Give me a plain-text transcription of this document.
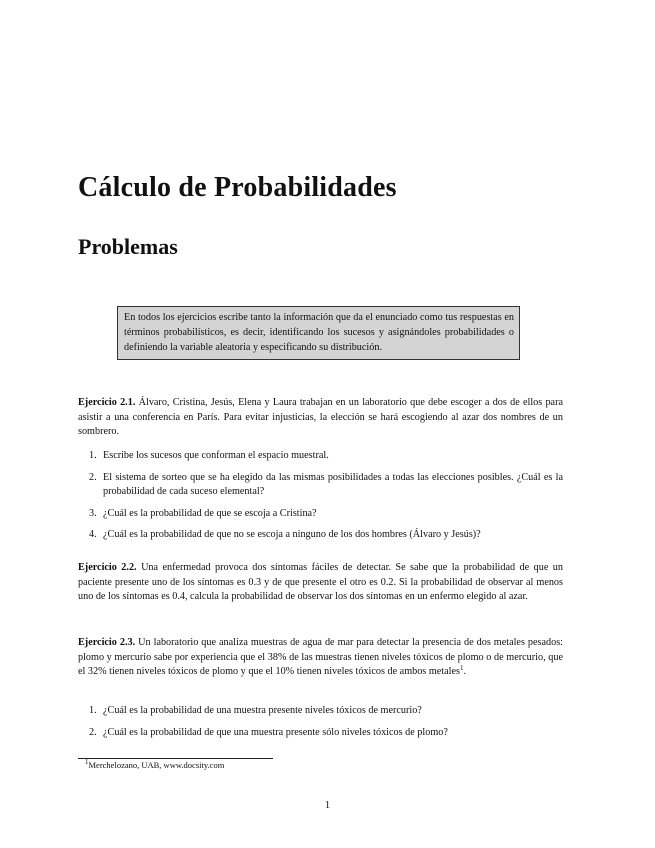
Cálculo de Probabilidades
Problemas
En todos los ejercicios escribe tanto la información que da el enunciado como tus respuestas en términos probabilísticos, es decir, identificando los sucesos y asignándoles probabilidades o definiendo la variable aleatoria y especificando su distribución.

Ejercicio 2.1. Álvaro, Cristina, Jesús, Elena y Laura trabajan en un laboratorio que debe escoger a dos de ellos para asistir a una conferencia en París. Para evitar injusticias, la elección se hará escogiendo al azar dos nombres de un sombrero.

1. Escribe los sucesos que conforman el espacio muestral.
2. El sistema de sorteo que se ha elegido da las mismas posibilidades a todas las elecciones posibles. ¿Cuál es la probabilidad de cada suceso elemental?
3. ¿Cuál es la probabilidad de que se escoja a Cristina?
4. ¿Cuál es la probabilidad de que no se escoja a ninguno de los dos hombres (Álvaro y Jesús)?

Ejercicio 2.2. Una enfermedad provoca dos síntomas fáciles de detectar. Se sabe que la probabilidad de que un paciente presente uno de los síntomas es 0.3 y de que presente el otro es 0.2. Si la probabilidad de observar al menos uno de los síntomas es 0.4, calcula la probabilidad de observar los dos síntomas en un enfermo elegido al azar.

Ejercicio 2.3. Un laboratorio que analiza muestras de agua de mar para detectar la presencia de dos metales pesados: plomo y mercurio sabe por experiencia que el 38% de las muestras tienen niveles tóxicos de plomo o de mercurio, que el 32% tienen niveles tóxicos de plomo y que el 10% tienen niveles tóxicos de ambos metales$^1$.

1. ¿Cuál es la probabilidad de una muestra presente niveles tóxicos de mercurio?
2. ¿Cuál es la probabilidad de que una muestra presente sólo niveles tóxicos de plomo?
$^1$Merchelozano, UAB, www.docsity.com
1
